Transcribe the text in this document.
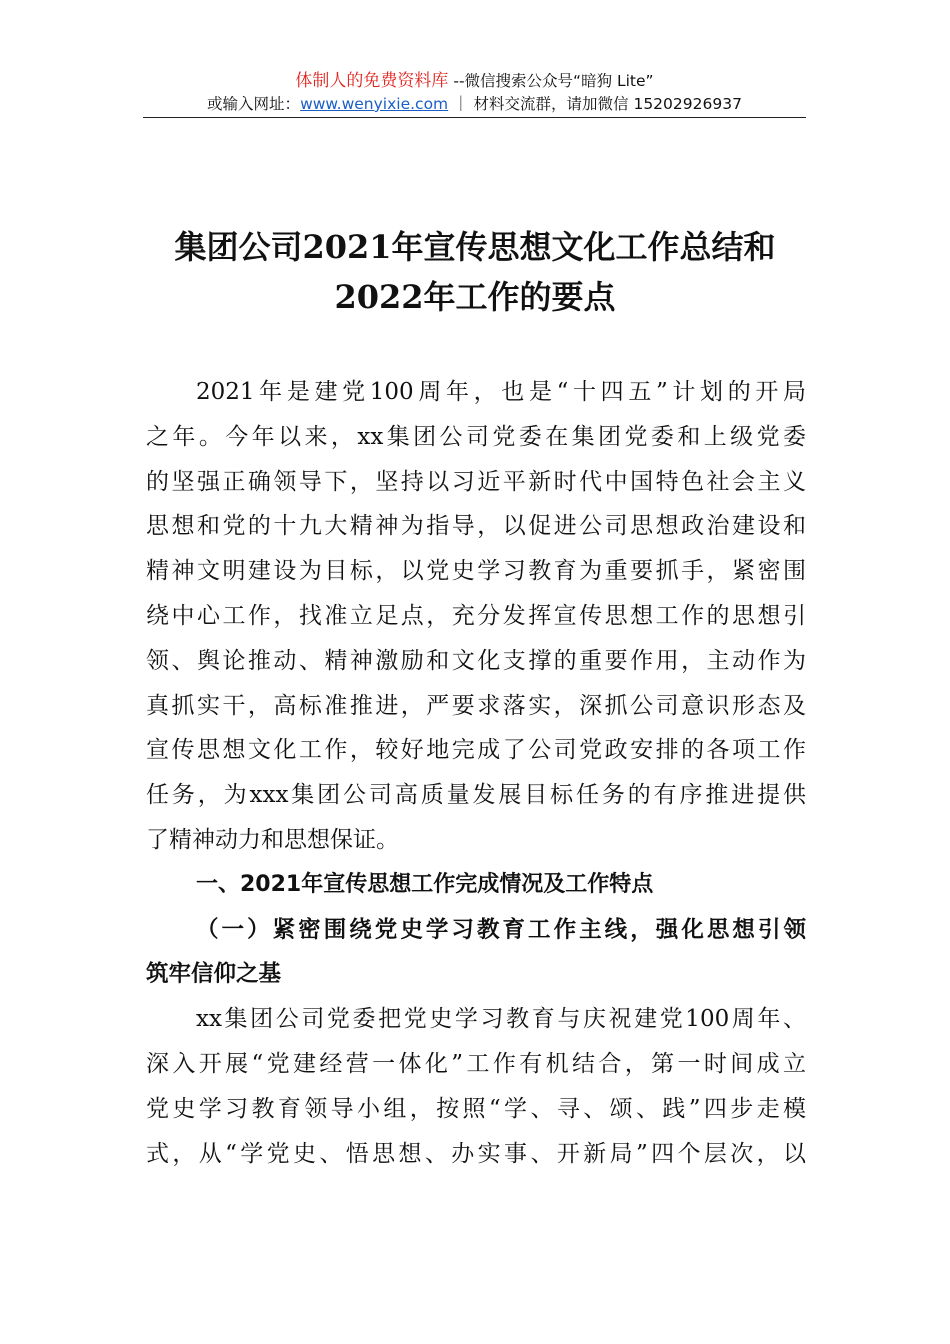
体制人的免费资料库 --微信搜索公众号“暗狗 Lite”
或输入网址：www.wenyixie.com ｜ 材料交流群，请加微信 15202926937
集团公司2021年宣传思想文化工作总结和
2022年工作的要点
2021年是建党100周年，也是“十四五”计划的开局
之年。今年以来，xx集团公司党委在集团党委和上级党委
的坚强正确领导下，坚持以习近平新时代中国特色社会主义
思想和党的十九大精神为指导，以促进公司思想政治建设和
精神文明建设为目标，以党史学习教育为重要抓手，紧密围
绕中心工作，找准立足点，充分发挥宣传思想工作的思想引
领、舆论推动、精神激励和文化支撑的重要作用，主动作为
真抓实干，高标准推进，严要求落实，深抓公司意识形态及
宣传思想文化工作，较好地完成了公司党政安排的各项工作
任务，为xxx集团公司高质量发展目标任务的有序推进提供
了精神动力和思想保证。
一、2021年宣传思想工作完成情况及工作特点
（一）紧密围绕党史学习教育工作主线，强化思想引领
筑牢信仰之基
xx集团公司党委把党史学习教育与庆祝建党100周年、
深入开展“党建经营一体化”工作有机结合，第一时间成立
党史学习教育领导小组，按照“学、寻、颂、践”四步走模
式，从“学党史、悟思想、办实事、开新局”四个层次，以
